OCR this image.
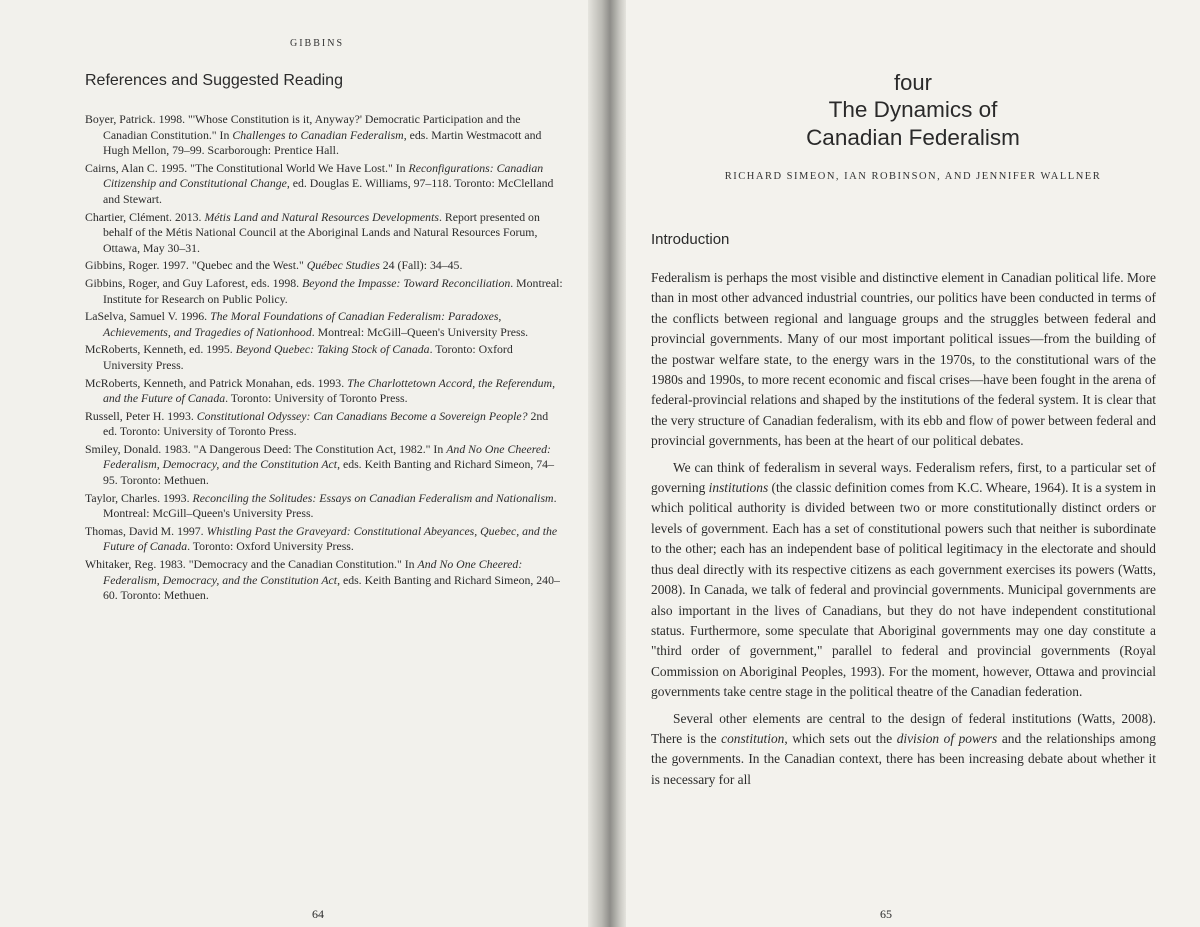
GIBBINS
References and Suggested Reading
Boyer, Patrick. 1998. "'Whose Constitution is it, Anyway?' Democratic Participation and the Canadian Constitution." In Challenges to Canadian Federalism, eds. Martin Westmacott and Hugh Mellon, 79–99. Scarborough: Prentice Hall.
Cairns, Alan C. 1995. "The Constitutional World We Have Lost." In Reconfigurations: Canadian Citizenship and Constitutional Change, ed. Douglas E. Williams, 97–118. Toronto: McClelland and Stewart.
Chartier, Clément. 2013. Métis Land and Natural Resources Developments. Report presented on behalf of the Métis National Council at the Aboriginal Lands and Natural Resources Forum, Ottawa, May 30–31.
Gibbins, Roger. 1997. "Quebec and the West." Québec Studies 24 (Fall): 34–45.
Gibbins, Roger, and Guy Laforest, eds. 1998. Beyond the Impasse: Toward Reconciliation. Montreal: Institute for Research on Public Policy.
LaSelva, Samuel V. 1996. The Moral Foundations of Canadian Federalism: Paradoxes, Achievements, and Tragedies of Nationhood. Montreal: McGill–Queen's University Press.
McRoberts, Kenneth, ed. 1995. Beyond Quebec: Taking Stock of Canada. Toronto: Oxford University Press.
McRoberts, Kenneth, and Patrick Monahan, eds. 1993. The Charlottetown Accord, the Referendum, and the Future of Canada. Toronto: University of Toronto Press.
Russell, Peter H. 1993. Constitutional Odyssey: Can Canadians Become a Sovereign People? 2nd ed. Toronto: University of Toronto Press.
Smiley, Donald. 1983. "A Dangerous Deed: The Constitution Act, 1982." In And No One Cheered: Federalism, Democracy, and the Constitution Act, eds. Keith Banting and Richard Simeon, 74–95. Toronto: Methuen.
Taylor, Charles. 1993. Reconciling the Solitudes: Essays on Canadian Federalism and Nationalism. Montreal: McGill–Queen's University Press.
Thomas, David M. 1997. Whistling Past the Graveyard: Constitutional Abeyances, Quebec, and the Future of Canada. Toronto: Oxford University Press.
Whitaker, Reg. 1983. "Democracy and the Canadian Constitution." In And No One Cheered: Federalism, Democracy, and the Constitution Act, eds. Keith Banting and Richard Simeon, 240–60. Toronto: Methuen.
64
four
The Dynamics of
Canadian Federalism
RICHARD SIMEON, IAN ROBINSON, AND JENNIFER WALLNER
Introduction

Federalism is perhaps the most visible and distinctive element in Canadian political life. More than in most other advanced industrial countries, our politics have been conducted in terms of the conflicts between regional and language groups and the struggles between federal and provincial governments. Many of our most important political issues—from the building of the postwar welfare state, to the energy wars in the 1970s, to the constitutional wars of the 1980s and 1990s, to more recent economic and fiscal crises—have been fought in the arena of federal-provincial relations and shaped by the institutions of the federal system. It is clear that the very structure of Canadian federalism, with its ebb and flow of power between federal and provincial governments, has been at the heart of our political debates.

We can think of federalism in several ways. Federalism refers, first, to a particular set of governing institutions (the classic definition comes from K.C. Wheare, 1964). It is a system in which political authority is divided between two or more constitutionally distinct orders or levels of government. Each has a set of constitutional powers such that neither is subordinate to the other; each has an independent base of political legitimacy in the electorate and should thus deal directly with its respective citizens as each government exercises its powers (Watts, 2008). In Canada, we talk of federal and provincial governments. Municipal governments are also important in the lives of Canadians, but they do not have independent constitutional status. Furthermore, some speculate that Aboriginal governments may one day constitute a "third order of government," parallel to federal and provincial governments (Royal Commission on Aboriginal Peoples, 1993). For the moment, however, Ottawa and provincial governments take centre stage in the political theatre of the Canadian federation.

Several other elements are central to the design of federal institutions (Watts, 2008). There is the constitution, which sets out the division of powers and the relationships among the governments. In the Canadian context, there has been increasing debate about whether it is necessary for all

65
